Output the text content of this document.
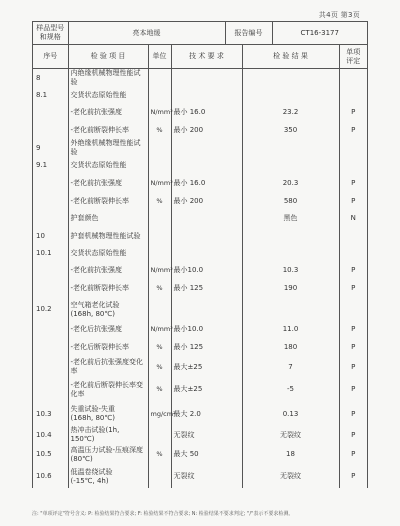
共4页 第3页
样品型号
和规格	亮本地缓	报告编号	CT16-3177
序号	检 验 项 目	单位	技 术 要 求	检 验 结 果	单项
评定
8	内绝缘机械物理性能试验				
8.1	交货状态原始性能				
	-老化前抗张强度	N/mm²	最小 16.0	23.2	P
	-老化前断裂伸长率	%	最小 200	350	P
9	外绝缘机械物理性能试验				
9.1	交货状态原始性能				
	-老化前抗张强度	N/mm²	最小 16.0	20.3	P
	-老化前断裂伸长率	%	最小 200	580	P
	护套颜色			黑色	N
10	护套机械物理性能试验				
10.1	交货状态原始性能				
	-老化前抗张强度	N/mm²	最小10.0	10.3	P
	-老化前断裂伸长率	%	最小 125	190	P
10.2	空气箱老化试验
(168h, 80℃)				
	-老化后抗张强度	N/mm²	最小10.0	11.0	P
	-老化后断裂伸长率	%	最小 125	180	P
	-老化前后抗张强度变化率	%	最大±25	7	P
	-老化前后断裂伸长率变化率	%	最大±25	-5	P
10.3	失重试验-失重
(168h, 80℃)	mg/cm²	最大 2.0	0.13	P
10.4	热冲击试验(1h, 150℃)		无裂纹	无裂纹	P
10.5	高温压力试验-压痕深度(80℃)	%	最大 50	18	P
10.6	低温卷绕试验
(-15℃, 4h)		无裂纹	无裂纹	P
注: "单项评定"符号含义: P: 检验结果符合要求; F: 检验结果不符合要求; N: 检验结果不要求判定; "/"表示不要求检测。
